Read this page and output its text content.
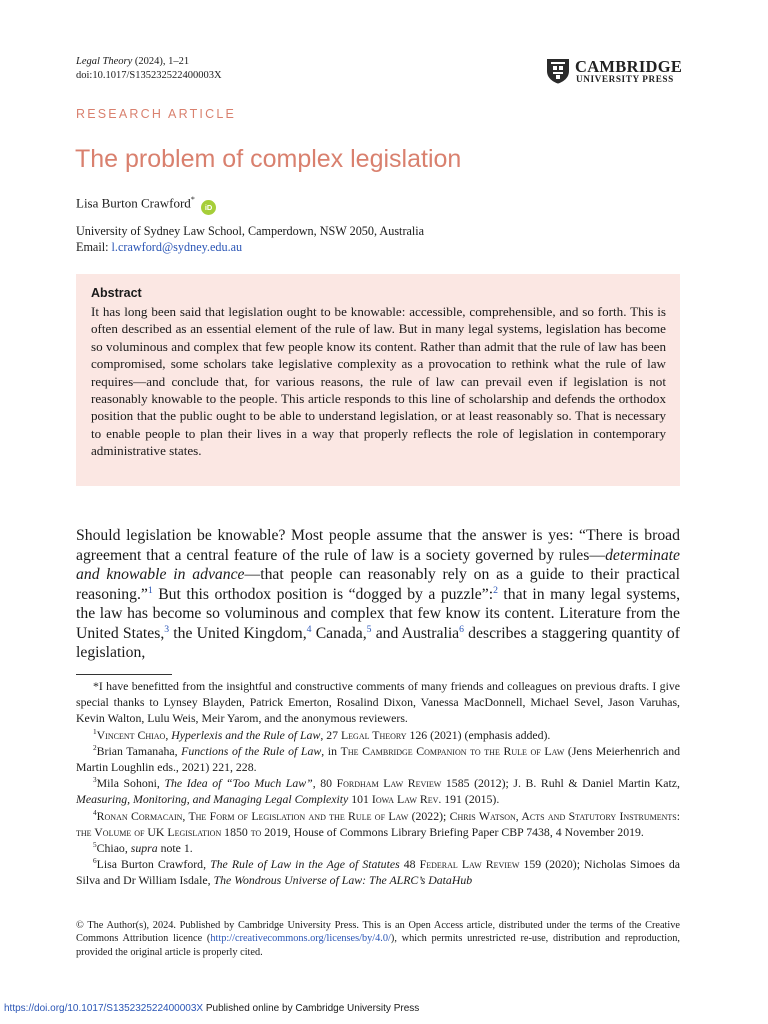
Legal Theory (2024), 1–21
doi:10.1017/S135232522400003X	CAMBRIDGE
UNIVERSITY PRESS
RESEARCH ARTICLE
The problem of complex legislation
Lisa Burton Crawford* iD
University of Sydney Law School, Camperdown, NSW 2050, Australia
Email: l.crawford@sydney.edu.au
Abstract

It has long been said that legislation ought to be knowable: accessible, comprehensible, and so forth. This is often described as an essential element of the rule of law. But in many legal systems, legislation has become so voluminous and complex that few people know its content. Rather than admit that the rule of law has been compromised, some scholars take legislative complexity as a provocation to rethink what the rule of law requires—and conclude that, for various reasons, the rule of law can prevail even if legislation is not reasonably knowable to the people. This article responds to this line of scholarship and defends the orthodox position that the public ought to be able to understand legislation, or at least reasonably so. That is necessary to enable people to plan their lives in a way that properly reflects the role of legislation in contemporary administrative states.

Should legislation be knowable? Most people assume that the answer is yes: “There is broad agreement that a central feature of the rule of law is a society governed by rules—determinate and knowable in advance—that people can reasonably rely on as a guide to their practical reasoning.”$^1$ But this orthodox position is “dogged by a puzzle”:$^2$ that in many legal systems, the law has become so voluminous and complex that few know its content. Literature from the United States,$^3$ the United Kingdom,$^4$ Canada,$^5$ and Australia$^6$ describes a staggering quantity of legislation,

*I have benefitted from the insightful and constructive comments of many friends and colleagues on previous drafts. I give special thanks to Lynsey Blayden, Patrick Emerton, Rosalind Dixon, Vanessa MacDonnell, Michael Sevel, Jason Varuhas, Kevin Walton, Lulu Weis, Meir Yarom, and the anonymous reviewers.

$^1$Vincent Chiao, Hyperlexis and the Rule of Law, 27 Legal Theory 126 (2021) (emphasis added).

$^2$Brian Tamanaha, Functions of the Rule of Law, in The Cambridge Companion to the Rule of Law (Jens Meierhenrich and Martin Loughlin eds., 2021) 221, 228.

$^3$Mila Sohoni, The Idea of “Too Much Law”, 80 Fordham Law Review 1585 (2012); J. B. Ruhl & Daniel Martin Katz, Measuring, Monitoring, and Managing Legal Complexity 101 Iowa Law Rev. 191 (2015).

$^4$Ronan Cormacain, The Form of Legislation and the Rule of Law (2022); Chris Watson, Acts and Statutory Instruments: the Volume of UK Legislation 1850 to 2019, House of Commons Library Briefing Paper CBP 7438, 4 November 2019.

$^5$Chiao, supra note 1.

$^6$Lisa Burton Crawford, The Rule of Law in the Age of Statutes 48 Federal Law Review 159 (2020); Nicholas Simoes da Silva and Dr William Isdale, The Wondrous Universe of Law: The ALRC’s DataHub

© The Author(s), 2024. Published by Cambridge University Press. This is an Open Access article, distributed under the terms of the Creative Commons Attribution licence (http://creativecommons.org/licenses/by/4.0/), which permits unrestricted re-use, distribution and reproduction, provided the original article is properly cited.

https://doi.org/10.1017/S135232522400003X Published online by Cambridge University Press
